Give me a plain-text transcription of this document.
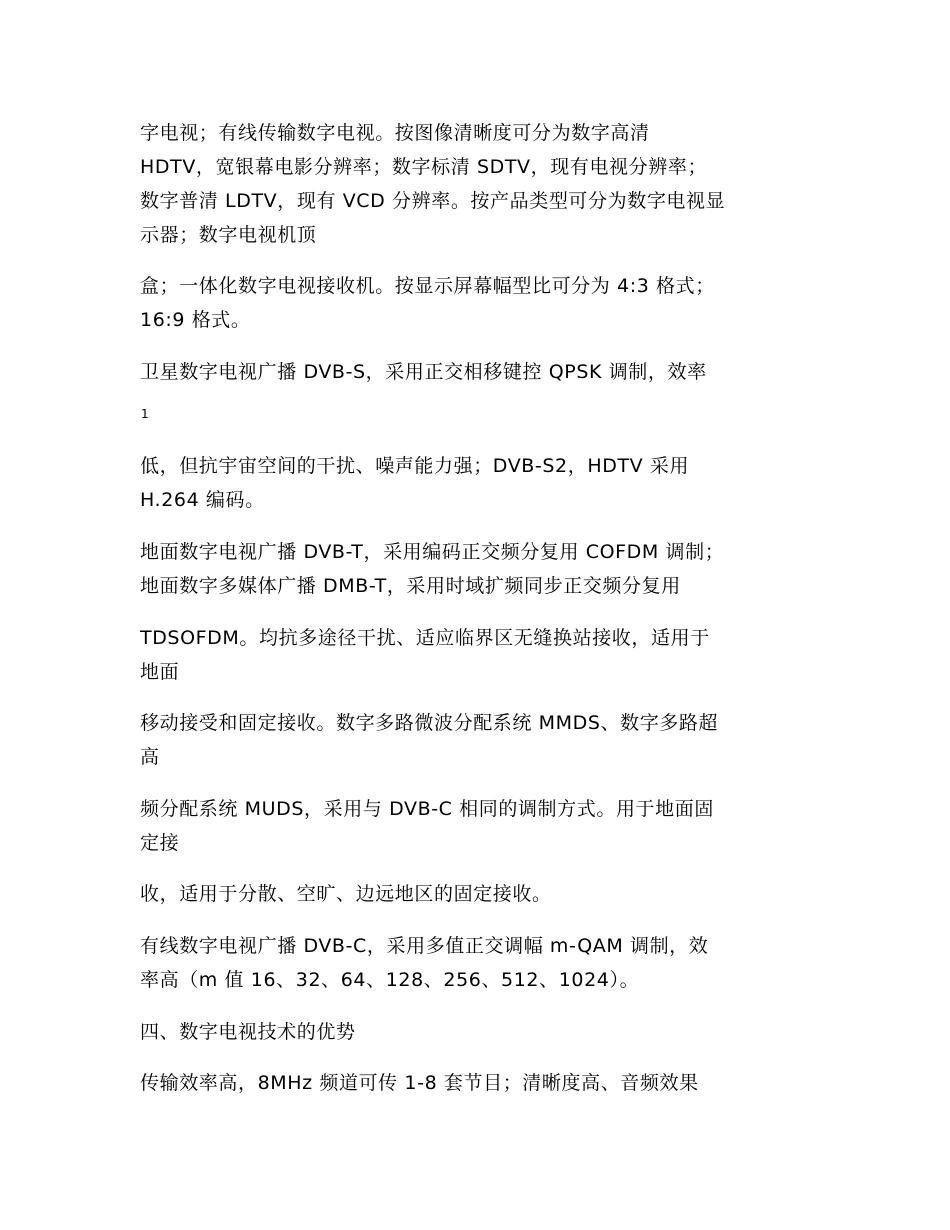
字电视；有线传输数字电视。按图像清晰度可分为数字高清
HDTV，宽银幕电影分辨率；数字标清 SDTV，现有电视分辨率；
数字普清 LDTV，现有 VCD 分辨率。按产品类型可分为数字电视显
示器；数字电视机顶
盒；一体化数字电视接收机。按显示屏幕幅型比可分为 4:3 格式；
16:9 格式。
卫星数字电视广播 DVB-S，采用正交相移键控 QPSK 调制，效率
1
低，但抗宇宙空间的干扰、噪声能力强；DVB-S2，HDTV 采用
H.264 编码。
地面数字电视广播 DVB-T，采用编码正交频分复用 COFDM 调制；
地面数字多媒体广播 DMB-T，采用时域扩频同步正交频分复用
TDSOFDM。均抗多途径干扰、适应临界区无缝换站接收，适用于
地面
移动接受和固定接收。数字多路微波分配系统 MMDS、数字多路超
高
频分配系统 MUDS，采用与 DVB-C 相同的调制方式。用于地面固
定接
收，适用于分散、空旷、边远地区的固定接收。
有线数字电视广播 DVB-C，采用多值正交调幅 m-QAM 调制，效
率高（m 值 16、32、64、128、256、512、1024）。
四、数字电视技术的优势
传输效率高，8MHz 频道可传 1-8 套节目；清晰度高、音频效果
